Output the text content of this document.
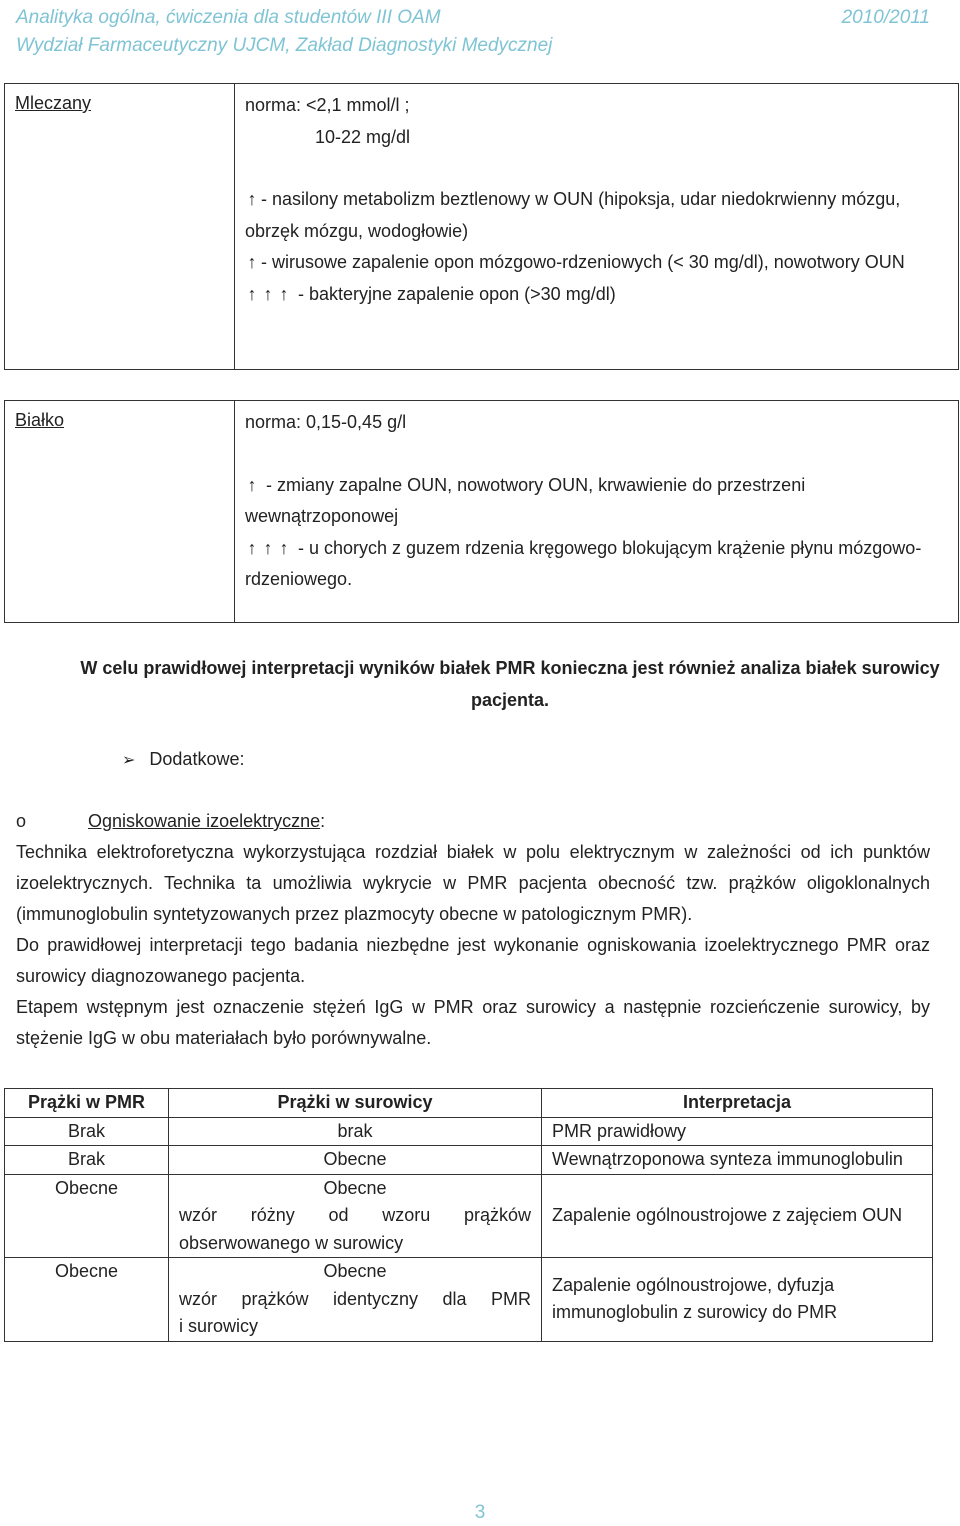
Analityka ogólna, ćwiczenia dla studentów III OAM	2010/2011
Wydział Farmaceutyczny UJCM, Zakład Diagnostyki Medycznej
Mleczany	norma: <2,1 mmol/l ;
10-22 mg/dl
↑ - nasilony metabolizm beztlenowy w OUN (hipoksja, udar niedokrwienny mózgu, obrzęk mózgu, wodogłowie)
↑ - wirusowe zapalenie opon mózgowo-rdzeniowych (< 30 mg/dl), nowotwory OUN
↑ ↑ ↑ - bakteryjne zapalenie opon (>30 mg/dl)
Białko	norma: 0,15-0,45 g/l
↑ - zmiany zapalne OUN, nowotwory OUN, krwawienie do przestrzeni wewnątrzoponowej
↑ ↑ ↑ - u chorych z guzem rdzenia kręgowego blokującym krążenie płynu mózgowo-rdzeniowego.
W celu prawidłowej interpretacji wyników białek PMR konieczna jest również analiza białek surowicy pacjenta.
➢ Dodatkowe:
o	Ogniskowanie izoelektryczne:

Technika elektroforetyczna wykorzystująca rozdział białek w polu elektrycznym w zależności od ich punktów izoelektrycznych. Technika ta umożliwia wykrycie w PMR pacjenta obecność tzw. prążków oligoklonalnych (immunoglobulin syntetyzowanych przez plazmocyty obecne w patologicznym PMR).

Do prawidłowej interpretacji tego badania niezbędne jest wykonanie ogniskowania izoelektrycznego PMR oraz surowicy diagnozowanego pacjenta.

Etapem wstępnym jest oznaczenie stężeń IgG w PMR oraz surowicy a następnie rozcieńczenie surowicy, by stężenie IgG w obu materiałach było porównywalne.

Prążki w PMR	Prążki w surowicy	Interpretacja
Brak	brak	PMR prawidłowy
Brak	Obecne	Wewnątrzoponowa synteza immunoglobulin
Obecne	Obecne
wzór różny od wzoru prążków
obserwowanego w surowicy	Zapalenie ogólnoustrojowe z zajęciem OUN
Obecne	Obecne
wzór prążków identyczny dla PMR
i surowicy	Zapalenie ogólnoustrojowe, dyfuzja immunoglobulin z surowicy do PMR
3
